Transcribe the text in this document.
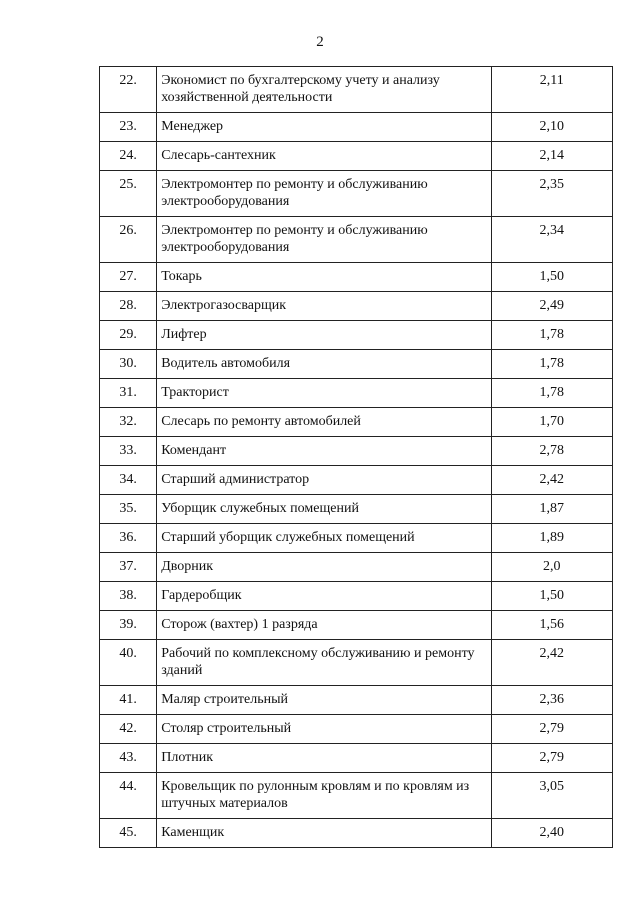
2
22.	Экономист по бухгалтерскому учету и анализу хозяйственной деятельности	2,11
23.	Менеджер	2,10
24.	Слесарь-сантехник	2,14
25.	Электромонтер по ремонту и обслуживанию электрооборудования	2,35
26.	Электромонтер по ремонту и обслуживанию электрооборудования	2,34
27.	Токарь	1,50
28.	Электрогазосварщик	2,49
29.	Лифтер	1,78
30.	Водитель автомобиля	1,78
31.	Тракторист	1,78
32.	Слесарь по ремонту автомобилей	1,70
33.	Комендант	2,78
34.	Старший администратор	2,42
35.	Уборщик служебных помещений	1,87
36.	Старший уборщик служебных помещений	1,89
37.	Дворник	2,0
38.	Гардеробщик	1,50
39.	Сторож (вахтер) 1 разряда	1,56
40.	Рабочий по комплексному обслуживанию и ремонту зданий	2,42
41.	Маляр строительный	2,36
42.	Столяр строительный	2,79
43.	Плотник	2,79
44.	Кровельщик по рулонным кровлям и по кровлям из штучных материалов	3,05
45.	Каменщик	2,40
